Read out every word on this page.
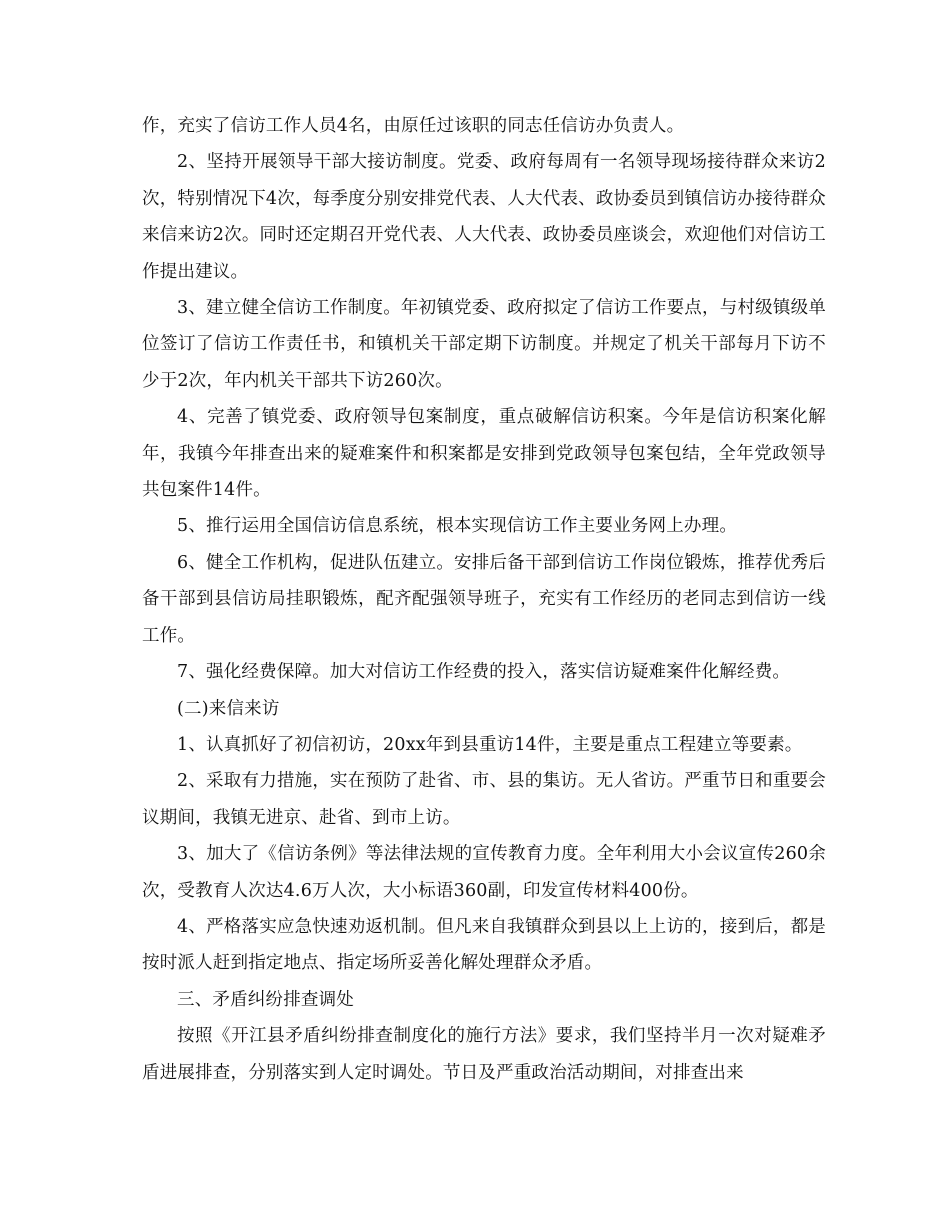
作，充实了信访工作人员4名，由原任过该职的同志任信访办负责人。

2、坚持开展领导干部大接访制度。党委、政府每周有一名领导现场接待群众来访2次，特别情况下4次，每季度分别安排党代表、人大代表、政协委员到镇信访办接待群众来信来访2次。同时还定期召开党代表、人大代表、政协委员座谈会，欢迎他们对信访工作提出建议。

3、建立健全信访工作制度。年初镇党委、政府拟定了信访工作要点，与村级镇级单位签订了信访工作责任书，和镇机关干部定期下访制度。并规定了机关干部每月下访不少于2次，年内机关干部共下访260次。

4、完善了镇党委、政府领导包案制度，重点破解信访积案。今年是信访积案化解年，我镇今年排查出来的疑难案件和积案都是安排到党政领导包案包结，全年党政领导共包案件14件。

5、推行运用全国信访信息系统，根本实现信访工作主要业务网上办理。

6、健全工作机构，促进队伍建立。安排后备干部到信访工作岗位锻炼，推荐优秀后备干部到县信访局挂职锻炼，配齐配强领导班子，充实有工作经历的老同志到信访一线工作。

7、强化经费保障。加大对信访工作经费的投入，落实信访疑难案件化解经费。

(二)来信来访

1、认真抓好了初信初访，20xx年到县重访14件，主要是重点工程建立等要素。

2、采取有力措施，实在预防了赴省、市、县的集访。无人省访。严重节日和重要会议期间，我镇无进京、赴省、到市上访。

3、加大了《信访条例》等法律法规的宣传教育力度。全年利用大小会议宣传260余次，受教育人次达4.6万人次，大小标语360副，印发宣传材料400份。

4、严格落实应急快速劝返机制。但凡来自我镇群众到县以上上访的，接到后，都是按时派人赶到指定地点、指定场所妥善化解处理群众矛盾。

三、矛盾纠纷排查调处

按照《开江县矛盾纠纷排查制度化的施行方法》要求，我们坚持半月一次对疑难矛盾进展排查，分别落实到人定时调处。节日及严重政治活动期间，对排查出来
